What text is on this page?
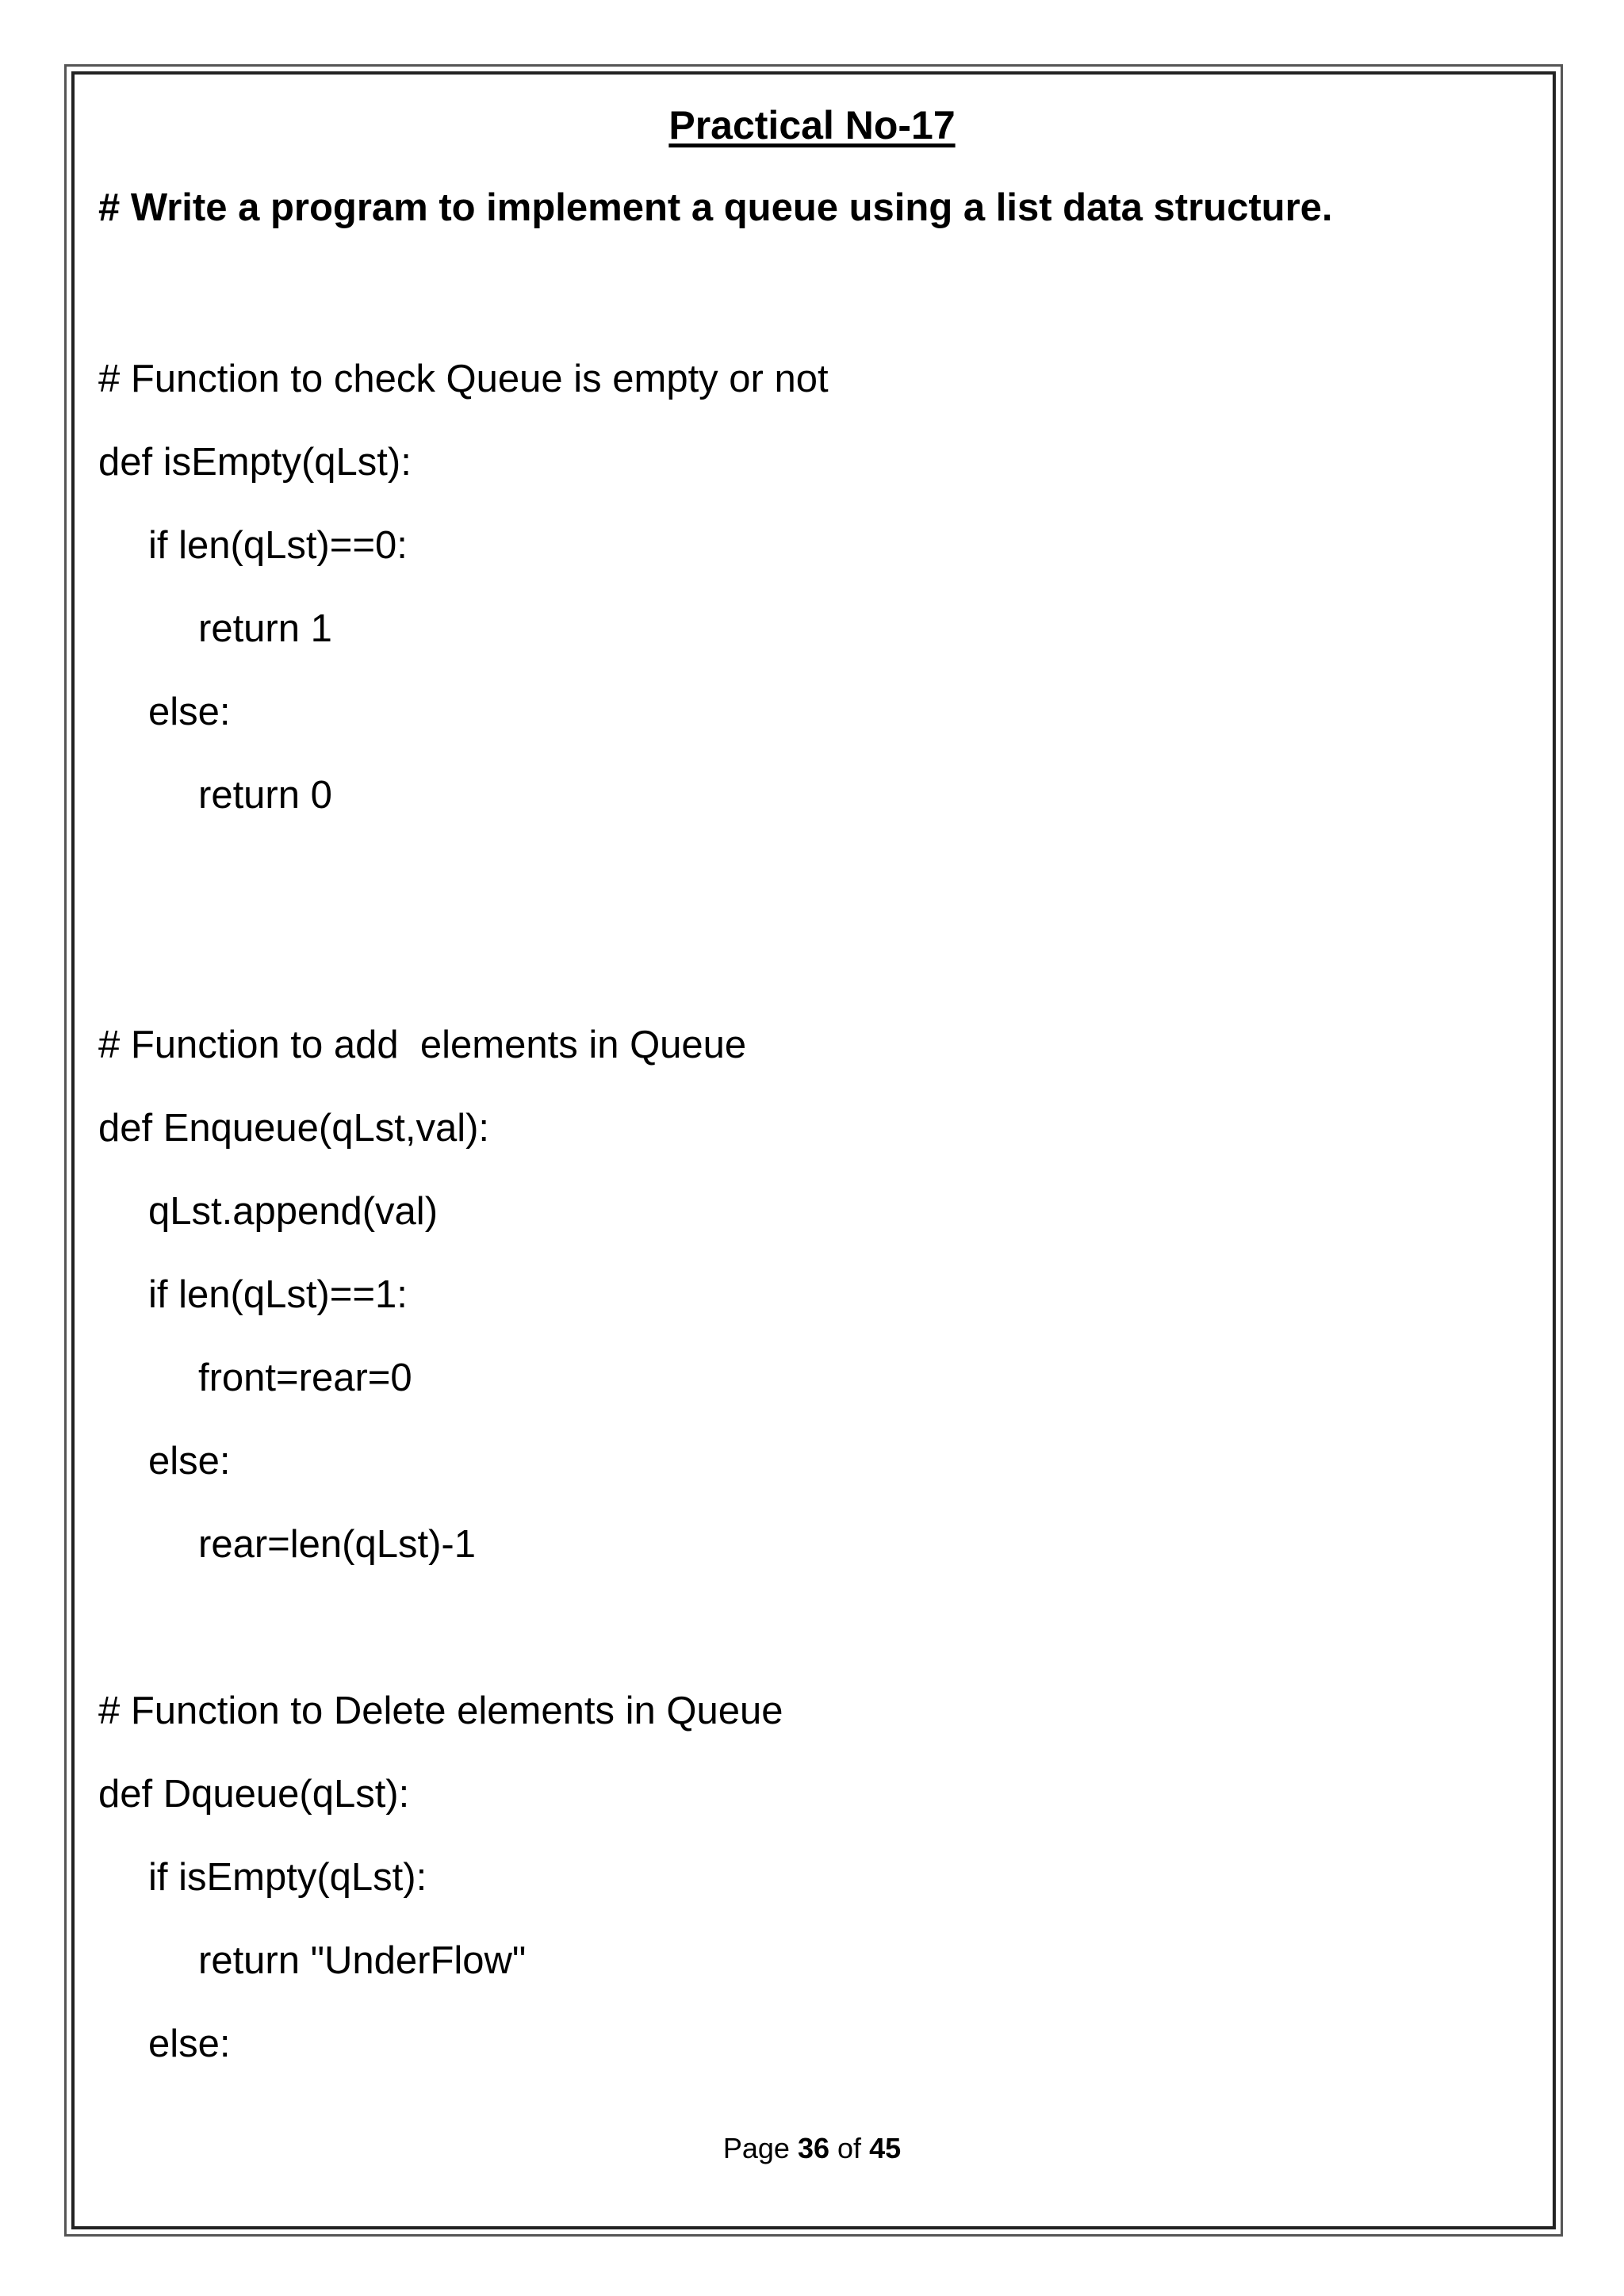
Practical No-17
# Write a program to implement a queue using a list data structure.
# Function to check Queue is empty or not
def isEmpty(qLst):
if len(qLst)==0:
return 1
else:
return 0
# Function to add  elements in Queue
def Enqueue(qLst,val):
qLst.append(val)
if len(qLst)==1:
front=rear=0
else:
rear=len(qLst)-1
# Function to Delete elements in Queue
def Dqueue(qLst):
if isEmpty(qLst):
return "UnderFlow"
else:
Page 36 of 45
